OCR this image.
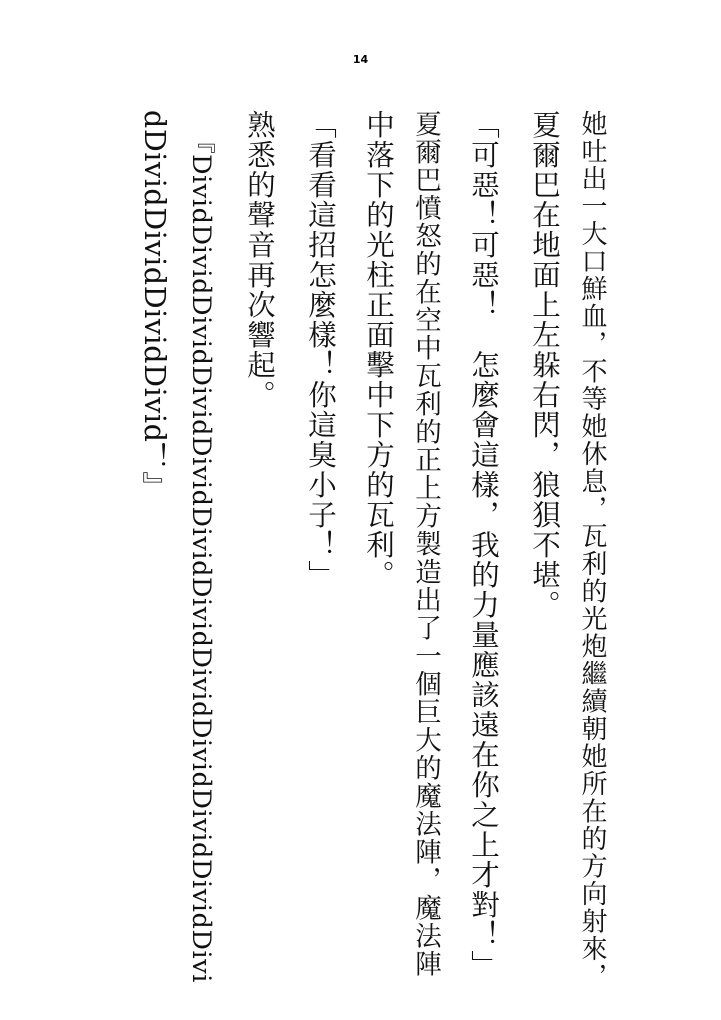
14
她吐出一大口鮮血，不等她休息，瓦利的光炮繼續朝她所在的方向射來，
夏爾巴在地面上左躲右閃，狼狽不堪。
「可惡！可惡！　怎麼會這樣，我的力量應該遠在你之上才對！」
夏爾巴憤怒的在空中瓦利的正上方製造出了一個巨大的魔法陣，魔法陣
中落下的光柱正面擊中下方的瓦利。
「看看這招怎麼樣！你這臭小子！」
熟悉的聲音再次響起。
『DividDividDividDividDividDividDividDividDividDividDividDivi
dDividDividDividDivid！』
